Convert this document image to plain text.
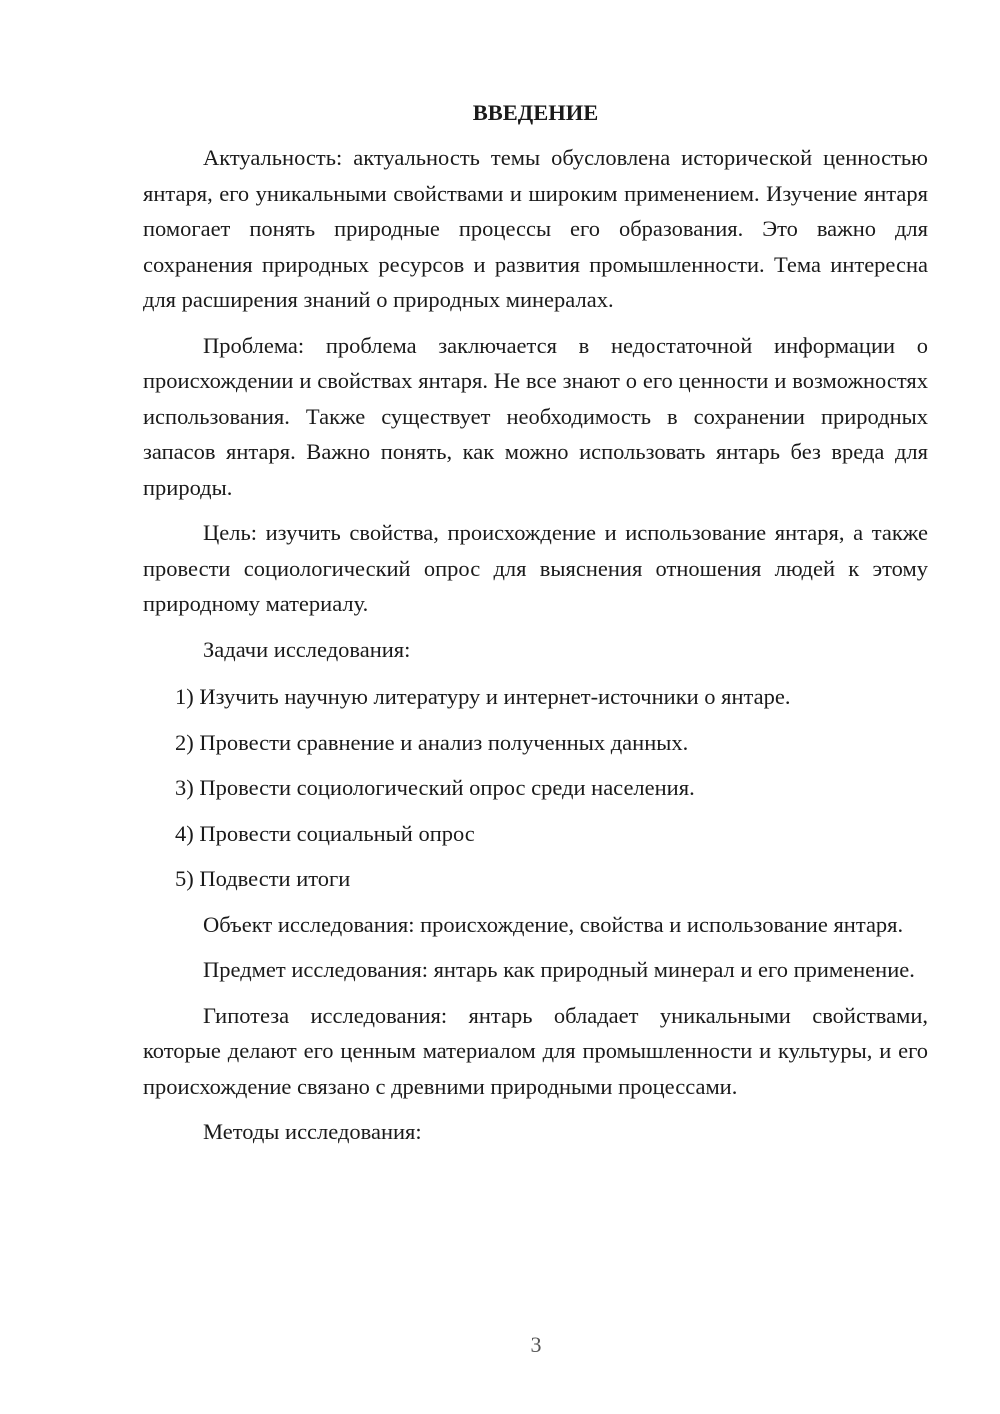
ВВЕДЕНИЕ

Актуальность: актуальность темы обусловлена исторической ценностью янтаря, его уникальными свойствами и широким применением. Изучение янтаря помогает понять природные процессы его образования. Это важно для сохранения природных ресурсов и развития промышленности. Тема интересна для расширения знаний о природных минералах.

Проблема: проблема заключается в недостаточной информации о происхождении и свойствах янтаря. Не все знают о его ценности и возможностях использования. Также существует необходимость в сохранении природных запасов янтаря. Важно понять, как можно использовать янтарь без вреда для природы.

Цель: изучить свойства, происхождение и использование янтаря, а также провести социологический опрос для выяснения отношения людей к этому природному материалу.

Задачи исследования:

1) Изучить научную литературу и интернет-источники о янтаре.

2) Провести сравнение и анализ полученных данных.

3) Провести социологический опрос среди населения.

4) Провести социальный опрос

5) Подвести итоги

Объект исследования: происхождение, свойства и использование янтаря.

Предмет исследования: янтарь как природный минерал и его применение.

Гипотеза исследования: янтарь обладает уникальными свойствами, которые делают его ценным материалом для промышленности и культуры, и его происхождение связано с древними природными процессами.

Методы исследования:

3
